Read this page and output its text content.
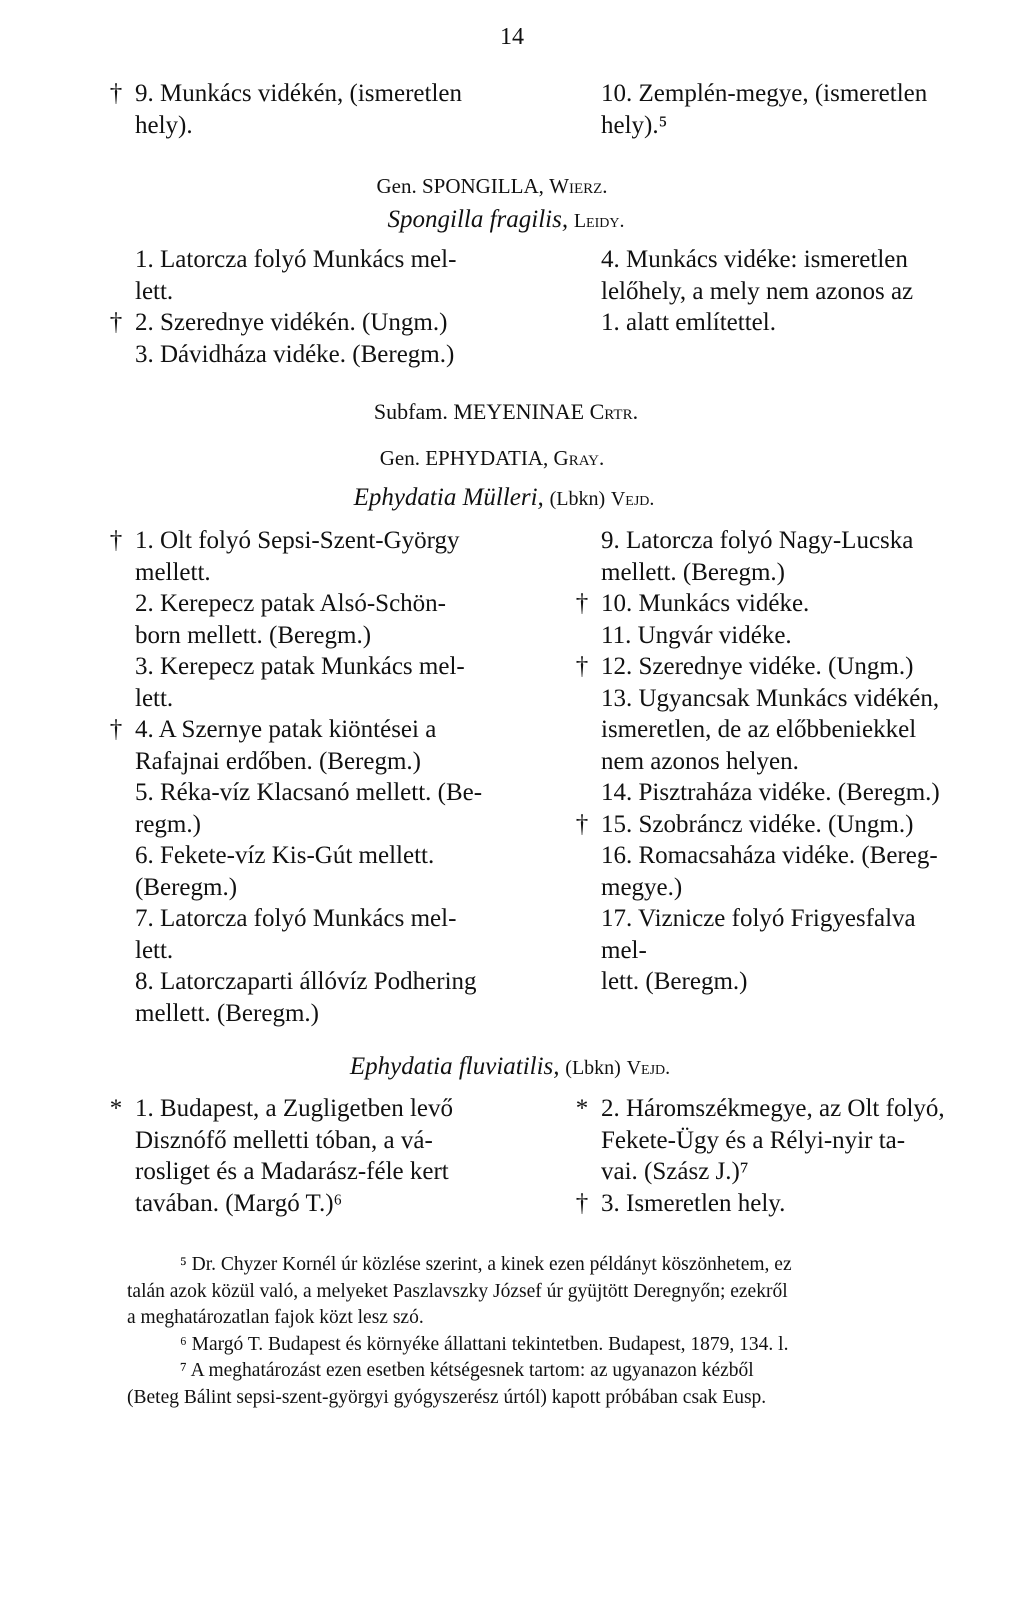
14
† 9. Munkács vidékén, (ismeretlen
hely).
10. Zemplén-megye, (ismeretlen
hely).⁵
Gen. SPONGILLA, Wierz.
Spongilla fragilis, Leidy.
1. Latorcza folyó Munkács mel-
lett.
† 2. Szerednye vidékén. (Ungm.)
3. Dávidháza vidéke. (Beregm.)
4. Munkács vidéke: ismeretlen
lelőhely, a mely nem azonos az
1. alatt említettel.
Subfam. MEYENINAE Crtr.
Gen. EPHYDATIA, Gray.
Ephydatia Mülleri, (Lbkn) Vejd.
† 1. Olt folyó Sepsi-Szent-György
mellett.
2. Kerepecz patak Alsó-Schön-
born mellett. (Beregm.)
3. Kerepecz patak Munkács mel-
lett.
† 4. A Szernye patak kiöntései a
Rafajnai erdőben. (Beregm.)
5. Réka-víz Klacsanó mellett. (Be-
regm.)
6. Fekete-víz Kis-Gút mellett.
(Beregm.)
7. Latorcza folyó Munkács mel-
lett.
8. Latorczaparti állóvíz Podhering
mellett. (Beregm.)
9. Latorcza folyó Nagy-Lucska
mellett. (Beregm.)
† 10. Munkács vidéke.
11. Ungvár vidéke.
† 12. Szerednye vidéke. (Ungm.)
13. Ugyancsak Munkács vidékén,
ismeretlen, de az előbbeniekkel
nem azonos helyen.
14. Pisztraháza vidéke. (Beregm.)
† 15. Szobráncz vidéke. (Ungm.)
16. Romacsaháza vidéke. (Bereg-
megye.)
17. Viznicze folyó Frigyesfalva mel-
lett. (Beregm.)
Ephydatia fluviatilis, (Lbkn) Vejd.
* 1. Budapest, a Zugligetben levő
Disznófő melletti tóban, a vá-
rosliget és a Madarász-féle kert
tavában. (Margó T.)⁶
* 2. Háromszékmegye, az Olt folyó,
Fekete-Ügy és a Rélyi-nyir ta-
vai. (Szász J.)⁷
† 3. Ismeretlen hely.

⁵ Dr. Chyzer Kornél úr közlése szerint, a kinek ezen példányt köszönhetem, ez

talán azok közül való, a melyeket Paszlavszky József úr gyüjtött Deregnyőn; ezekről

a meghatározatlan fajok közt lesz szó.

⁶ Margó T. Budapest és környéke állattani tekintetben. Budapest, 1879, 134. l.

⁷ A meghatározást ezen esetben kétségesnek tartom: az ugyanazon kézből

(Beteg Bálint sepsi-szent-györgyi gyógyszerész úrtól) kapott próbában csak Eusp.
